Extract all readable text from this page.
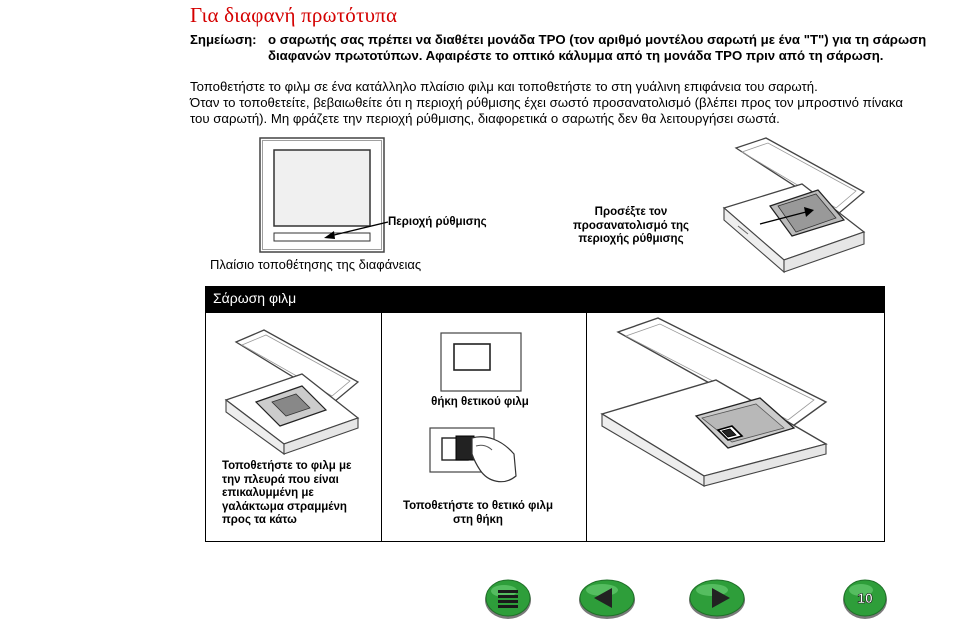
Για διαφανή πρωτότυπα
Σημείωση: ο σαρωτής σας πρέπει να διαθέτει μονάδα TPO (τον αριθμό μοντέλου σαρωτή με ένα "T") για τη σάρωση διαφανών πρωτοτύπων. Αφαιρέστε το οπτικό κάλυμμα από τη μονάδα TPO πριν από τη σάρωση.

Τοποθετήστε το φιλμ σε ένα κατάλληλο πλαίσιο φιλμ και τοποθετήστε το στη γυάλινη επιφάνεια του σαρωτή.

Όταν το τοποθετείτε, βεβαιωθείτε ότι η περιοχή ρύθμισης έχει σωστό προσανατολισμό (βλέπει προς τον μπροστινό πίνακα του σαρωτή). Μη φράζετε την περιοχή ρύθμισης, διαφορετικά ο σαρωτής δεν θα λειτουργήσει σωστά.

Περιοχή ρύθμισης
Προσέξτε τον προσανατολισμό της περιοχής ρύθμισης
Πλαίσιο τοποθέτησης της διαφάνειας
Σάρωση φιλμ
θήκη θετικού φιλμ
Τοποθετήστε το φιλμ με την πλευρά που είναι επικαλυμμένη με γαλάκτωμα στραμμένη προς τα κάτω
Τοποθετήστε το θετικό φιλμ στη θήκη
10
